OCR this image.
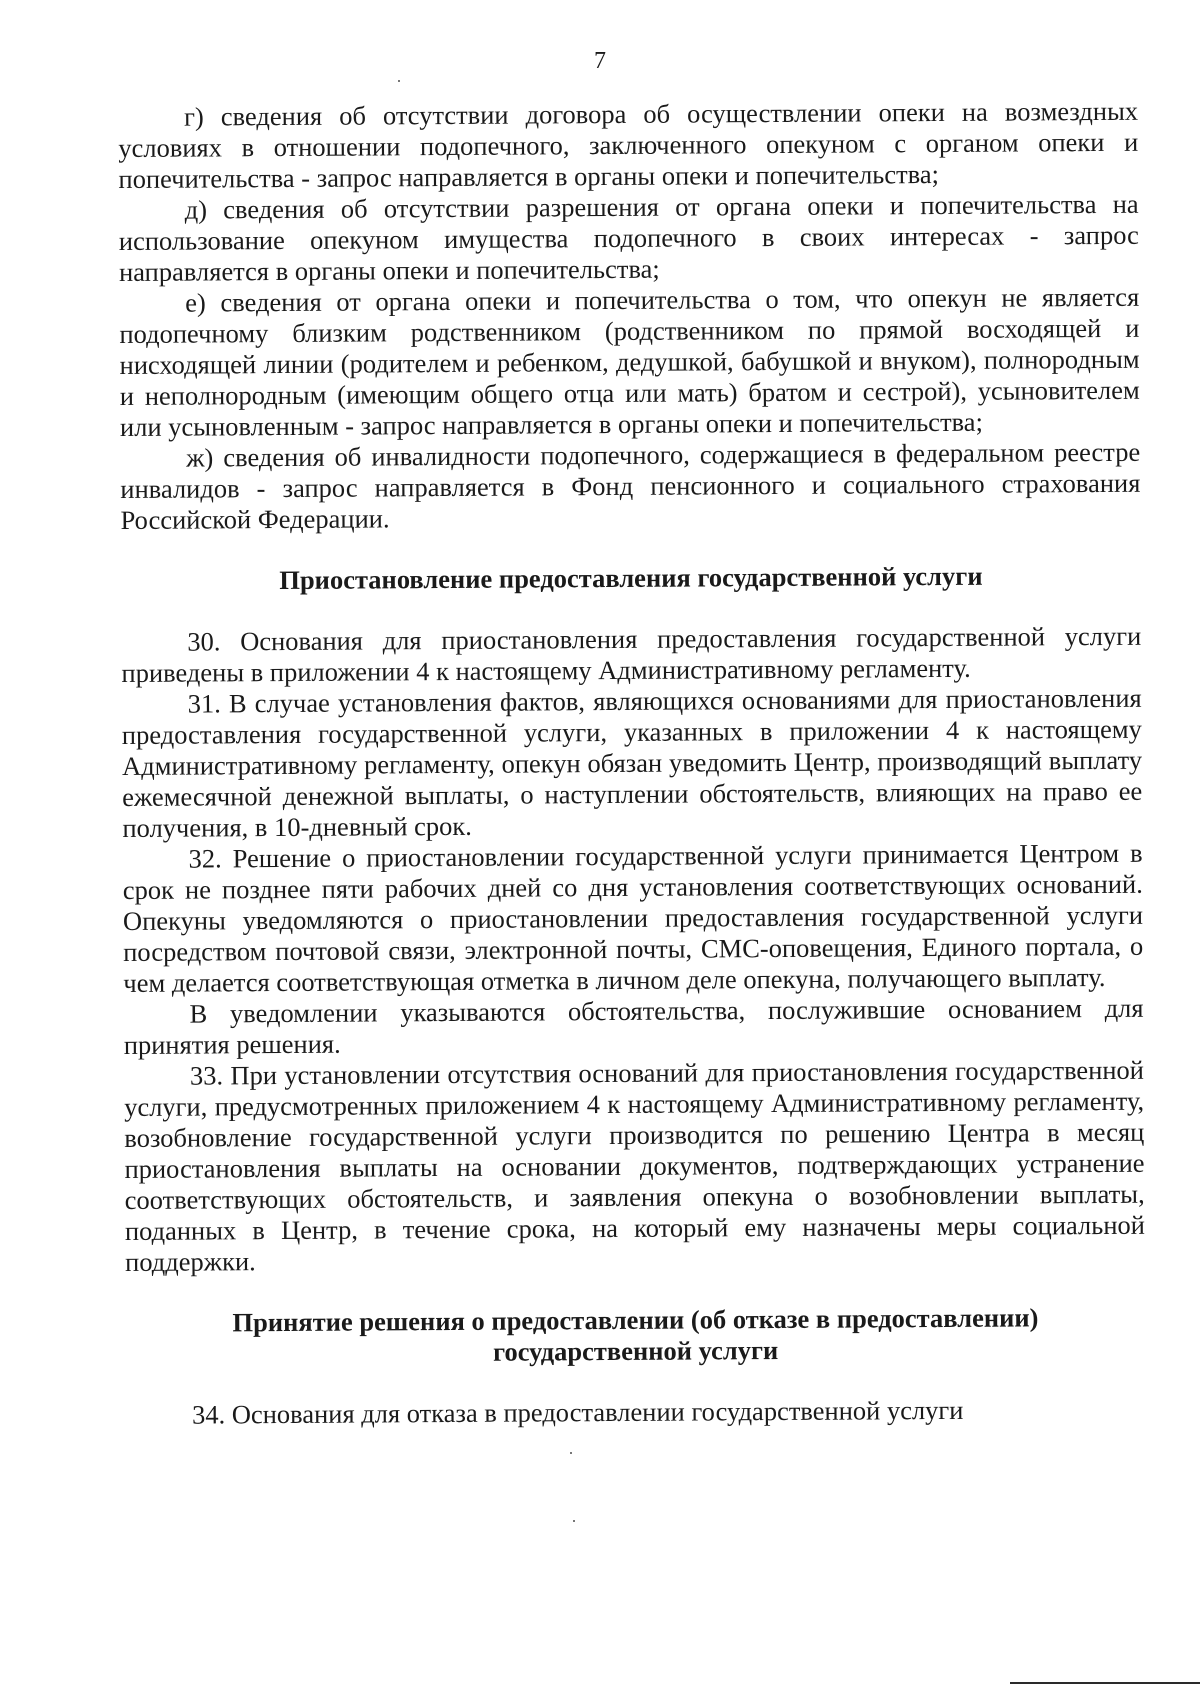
7

г) сведения об отсутствии договора об осуществлении опеки на возмездных условиях в отношении подопечного, заключенного опекуном с органом опеки и попечительства - запрос направляется в органы опеки и попечительства;

д) сведения об отсутствии разрешения от органа опеки и попечительства на использование опекуном имущества подопечного в своих интересах - запрос направляется в органы опеки и попечительства;

е) сведения от органа опеки и попечительства о том, что опекун не является подопечному близким родственником (родственником по прямой восходящей и нисходящей линии (родителем и ребенком, дедушкой, бабушкой и внуком), полнородным и неполнородным (имеющим общего отца или мать) братом и сестрой), усыновителем или усыновленным - запрос направляется в органы опеки и попечительства;

ж) сведения об инвалидности подопечного, содержащиеся в федеральном реестре инвалидов - запрос направляется в Фонд пенсионного и социального страхования Российской Федерации.

Приостановление предоставления государственной услуги

30. Основания для приостановления предоставления государственной услуги приведены в приложении 4 к настоящему Административному регламенту.

31. В случае установления фактов, являющихся основаниями для приостановления предоставления государственной услуги, указанных в приложении 4 к настоящему Административному регламенту, опекун обязан уведомить Центр, производящий выплату ежемесячной денежной выплаты, о наступлении обстоятельств, влияющих на право ее получения, в 10-дневный срок.

32. Решение о приостановлении государственной услуги принимается Центром в срок не позднее пяти рабочих дней со дня установления соответствующих оснований. Опекуны уведомляются о приостановлении предоставления государственной услуги посредством почтовой связи, электронной почты, СМС-оповещения, Единого портала, о чем делается соответствующая отметка в личном деле опекуна, получающего выплату.

В уведомлении указываются обстоятельства, послужившие основанием для принятия решения.

33. При установлении отсутствия оснований для приостановления государственной услуги, предусмотренных приложением 4 к настоящему Административному регламенту, возобновление государственной услуги производится по решению Центра в месяц приостановления выплаты на основании документов, подтверждающих устранение соответствующих обстоятельств, и заявления опекуна о возобновлении выплаты, поданных в Центр, в течение срока, на который ему назначены меры социальной поддержки.

Принятие решения о предоставлении (об отказе в предоставлении)
государственной услуги

34. Основания для отказа в предоставлении государственной услуги
